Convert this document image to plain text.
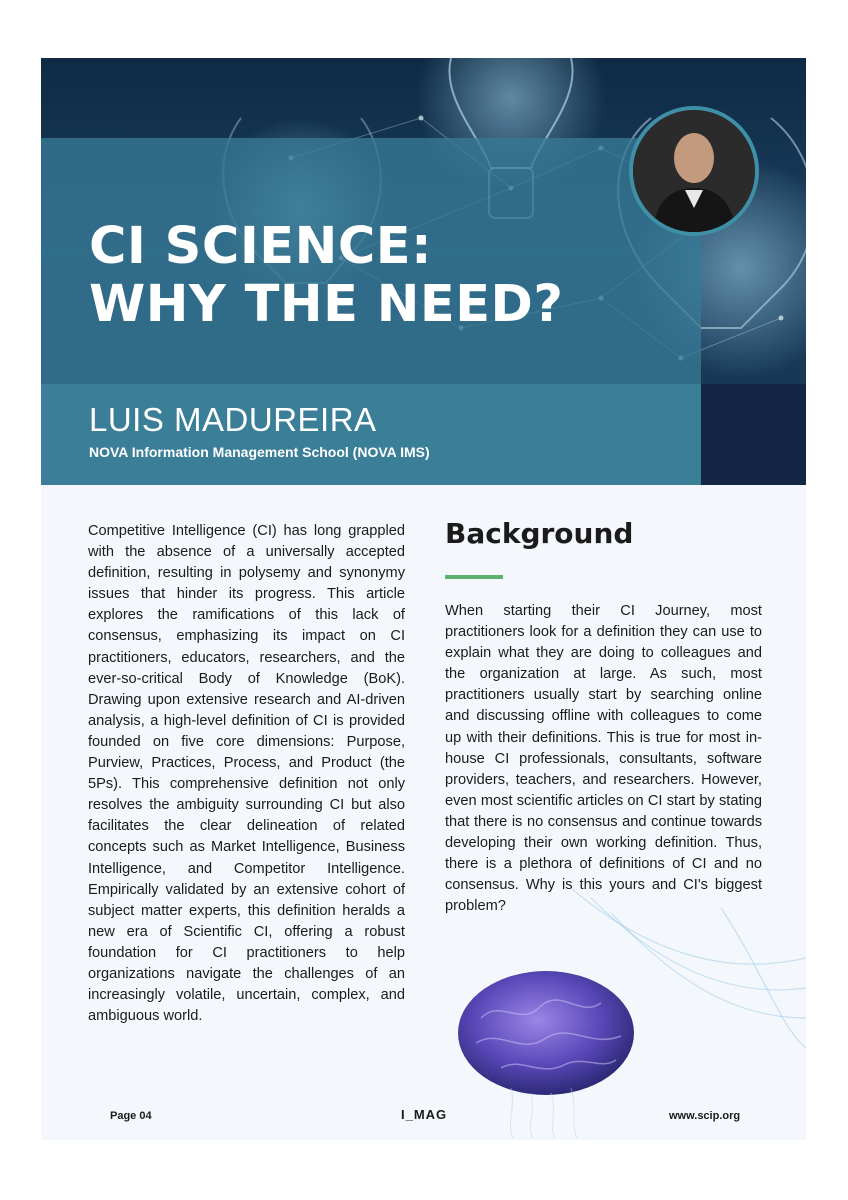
CI SCIENCE:
WHY THE NEED?
LUIS MADUREIRA
NOVA Information Management School (NOVA IMS)

Competitive Intelligence (CI) has long grappled with the absence of a universally accepted definition, resulting in polysemy and synonymy issues that hinder its progress. This article explores the ramifications of this lack of consensus, emphasizing its impact on CI practitioners, educators, researchers, and the ever-so-critical Body of Knowledge (BoK). Drawing upon extensive research and AI-driven analysis, a high-level definition of CI is provided founded on five core dimensions: Purpose, Purview, Practices, Process, and Product (the 5Ps). This comprehensive definition not only resolves the ambiguity surrounding CI but also facilitates the clear delineation of related concepts such as Market Intelligence, Business Intelligence, and Competitor Intelligence. Empirically validated by an extensive cohort of subject matter experts, this definition heralds a new era of Scientific CI, offering a robust foundation for CI practitioners to help organizations navigate the challenges of an increasingly volatile, uncertain, complex, and ambiguous world.

Background

When starting their CI Journey, most practitioners look for a definition they can use to explain what they are doing to colleagues and the organization at large. As such, most practitioners usually start by searching online and discussing offline with colleagues to come up with their definitions. This is true for most in-house CI professionals, consultants, software providers, teachers, and researchers. However, even most scientific articles on CI start by stating that there is no consensus and continue towards developing their own working definition. Thus, there is a plethora of definitions of CI and no consensus. Why is this yours and CI's biggest problem?

Page 04	I_MAG	www.scip.org
